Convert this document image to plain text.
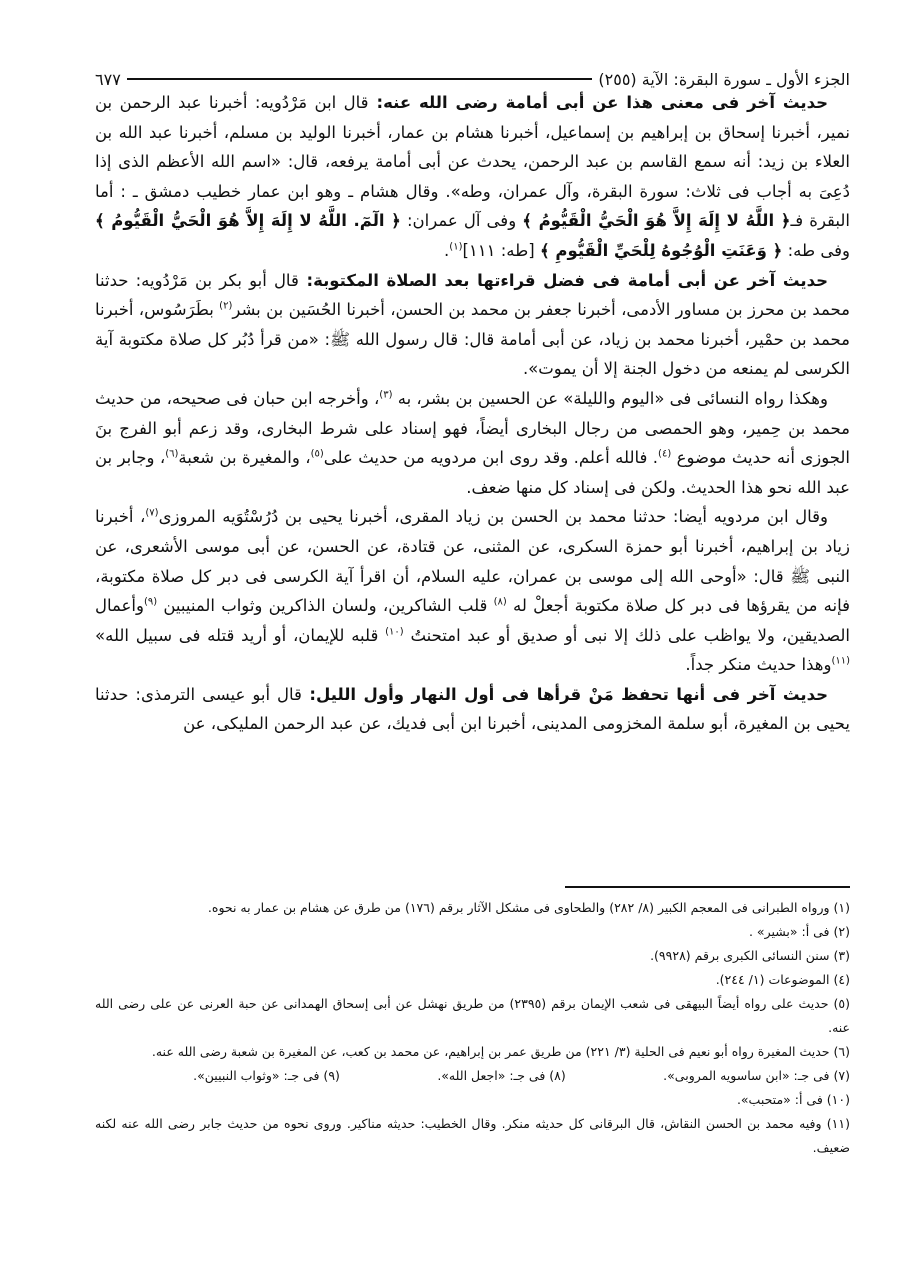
الجزء الأول ـ سورة البقرة: الآية (٢٥٥)
٦٧٧

حديث آخر فى معنى هذا عن أبى أمامة رضى الله عنه: قال ابن مَرْدُويه: أخبرنا عبد الرحمن بن نمير، أخبرنا إسحاق بن إبراهيم بن إسماعيل، أخبرنا هشام بن عمار، أخبرنا الوليد بن مسلم، أخبرنا عبد الله بن العلاء بن زيد: أنه سمع القاسم بن عبد الرحمن، يحدث عن أبى أمامة يرفعه، قال: «اسم الله الأعظم الذى إذا دُعِىَ به أجاب فى ثلاث: سورة البقرة، وآل عمران، وطه». وقال هشام ـ وهو ابن عمار خطيب دمشق ـ : أما البقرة فـ﴿ اللَّهُ لا إِلَهَ إِلاَّ هُوَ الْحَيُّ الْقَيُّومُ ﴾ وفى آل عمران: ﴿ الٓمٓ. اللَّهُ لا إِلَهَ إِلاَّ هُوَ الْحَيُّ الْقَيُّومُ ﴾ وفى طه: ﴿ وَعَنَتِ الْوُجُوهُ لِلْحَيِّ الْقَيُّومِ ﴾ [طه: ١١١]$^{(١)}$.

حديث آخر عن أبى أمامة فى فضل قراءتها بعد الصلاة المكتوبة: قال أبو بكر بن مَرْدُويه: حدثنا محمد بن محرز بن مساور الأدمى، أخبرنا جعفر بن محمد بن الحسن، أخبرنا الحُسَين بن بشر$^{(٢)}$ بطَرَسُوس، أخبرنا محمد بن حمْير، أخبرنا محمد بن زياد، عن أبى أمامة قال: قال رسول الله ﷺ: «من قرأ دُبُر كل صلاة مكتوبة آية الكرسى لم يمنعه من دخول الجنة إلا أن يموت».

وهكذا رواه النسائى فى «اليوم والليلة» عن الحسين بن بشر، به $^{(٣)}$، وأخرجه ابن حبان فى صحيحه، من حديث محمد بن حِمير، وهو الحمصى من رجال البخارى أيضاً، فهو إسناد على شرط البخارى، وقد زعم أبو الفرج بنَ الجوزى أنه حديث موضوع $^{(٤)}$. فالله أعلم. وقد روى ابن مردويه من حديث على$^{(٥)}$، والمغيرة بن شعبة$^{(٦)}$، وجابر بن عبد الله نحو هذا الحديث. ولكن فى إسناد كل منها ضعف.

وقال ابن مردويه أيضا: حدثنا محمد بن الحسن بن زياد المقرى، أخبرنا يحيى بن دُرُسْتُوَيه المروزى$^{(٧)}$، أخبرنا زياد بن إبراهيم، أخبرنا أبو حمزة السكرى، عن المثنى، عن قتادة، عن الحسن، عن أبى موسى الأشعرى، عن النبى ﷺ قال: «أوحى الله إلى موسى بن عمران، عليه السلام، أن اقرأ آية الكرسى فى دبر كل صلاة مكتوبة، فإنه من يقرؤها فى دبر كل صلاة مكتوبة أجعلْ له $^{(٨)}$ قلب الشاكرين، ولسان الذاكرين وثواب المنيبين $^{(٩)}$وأعمال الصديقين، ولا يواظب على ذلك إلا نبى أو صديق أو عبد امتحنتُ $^{(١٠)}$ قلبه للإيمان، أو أريد قتله فى سبيل الله» $^{(١١)}$وهذا حديث منكر جداً.

حديث آخر فى أنها تحفظ مَنْ قرأها فى أول النهار وأول الليل: قال أبو عيسى الترمذى: حدثنا يحيى بن المغيرة، أبو سلمة المخزومى المدينى، أخبرنا ابن أبى فديك، عن عبد الرحمن المليكى، عن

(١) ورواه الطبرانى فى المعجم الكبير (٨/ ٢٨٢) والطحاوى فى مشكل الآثار برقم (١٧٦) من طرق عن هشام بن عمار به نحوه.
(٢) فى أ: «بشير» .
(٣) سنن النسائى الكبرى برقم (٩٩٢٨).
(٤) الموضوعات (١/ ٢٤٤).
(٥) حديث على رواه أيضاً البيهقى فى شعب الإيمان برقم (٢٣٩٥) من طريق نهشل عن أبى إسحاق الهمدانى عن حبة العرنى عن على رضى الله عنه.
(٦) حديث المغيرة رواه أبو نعيم فى الحلية (٣/ ٢٢١) من طريق عمر بن إبراهيم، عن محمد بن كعب، عن المغيرة بن شعبة رضى الله عنه.
(٧) فى جـ: «ابن ساسويه المروبى».
(٨) فى جـ: «اجعل الله».
(٩) فى جـ: «وثواب النبيين».
(١٠) فى أ: «متحبب».
(١١) وفيه محمد بن الحسن النقاش، قال البرقانى كل حديثه منكر. وقال الخطيب: حديثه مناكير. وروى نحوه من حديث جابر رضى الله عنه لكنه ضعيف.
